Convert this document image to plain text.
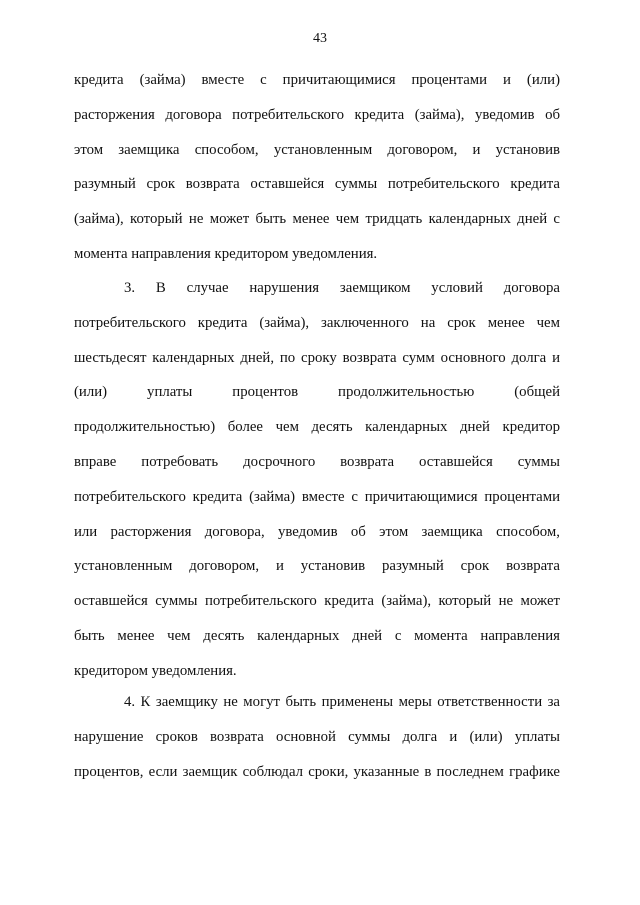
43
кредита (займа) вместе с причитающимися процентами и (или)
расторжения договора потребительского кредита (займа), уведомив об
этом заемщика способом, установленным договором, и установив
разумный срок возврата оставшейся суммы потребительского кредита
(займа), который не может быть менее чем тридцать календарных дней с
момента направления кредитором уведомления.
3. В случае нарушения заемщиком условий договора
потребительского кредита (займа), заключенного на срок менее чем
шестьдесят календарных дней, по сроку возврата сумм основного долга и
(или) уплаты процентов продолжительностью (общей
продолжительностью) более чем десять календарных дней кредитор
вправе потребовать досрочного возврата оставшейся суммы
потребительского кредита (займа) вместе с причитающимися процентами
или расторжения договора, уведомив об этом заемщика способом,
установленным договором, и установив разумный срок возврата
оставшейся суммы потребительского кредита (займа), который не может
быть менее чем десять календарных дней с момента направления
кредитором уведомления.
4. К заемщику не могут быть применены меры ответственности за
нарушение сроков возврата основной суммы долга и (или) уплаты
процентов, если заемщик соблюдал сроки, указанные в последнем графике
